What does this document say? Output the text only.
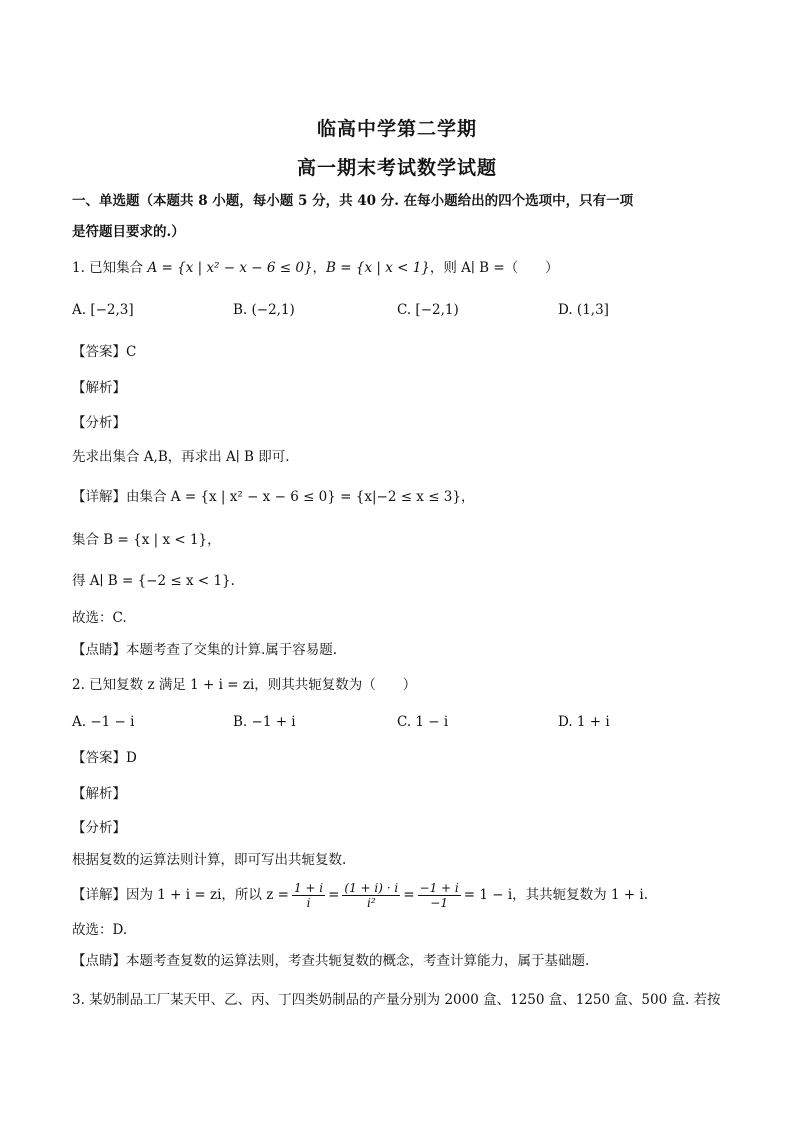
临高中学第二学期
高一期末考试数学试题
一、单选题（本题共 8 小题，每小题 5 分，共 40 分. 在每小题给出的四个选项中，只有一项
是符题目要求的.）
1. 已知集合 A = {x | x² − x − 6 ≤ 0}，B = {x | x < 1}，则 A∣ B =（　　）
A. [−2,3]	B. (−2,1)	C. [−2,1)	D. (1,3]
【答案】C
【解析】
【分析】
先求出集合 A,B，再求出 A∣ B 即可.
【详解】由集合 A = {x | x² − x − 6 ≤ 0} = {x|−2 ≤ x ≤ 3}，
集合 B = {x | x < 1}，
得 A∣ B = {−2 ≤ x < 1}.
故选：C.
【点睛】本题考查了交集的计算.属于容易题.
2. 已知复数 z 满足 1 + i = zi，则其共轭复数为（　　）
A. −1 − i	B. −1 + i	C. 1 − i	D. 1 + i
【答案】D
【解析】
【分析】
根据复数的运算法则计算，即可写出共轭复数.
【详解】因为 1 + i = zi，所以 $z = \frac{1 + i}{i} = \frac{(1 + i) \cdot i}{\text{i²}} = \frac{-1 + i}{-1} = 1 - i$，其共轭复数为 1 + i.
故选：D.
【点睛】本题考查复数的运算法则，考查共轭复数的概念，考查计算能力，属于基础题.
3. 某奶制品工厂某天甲、乙、丙、丁四类奶制品的产量分别为 2000 盒、1250 盒、1250 盒、500 盒. 若按
